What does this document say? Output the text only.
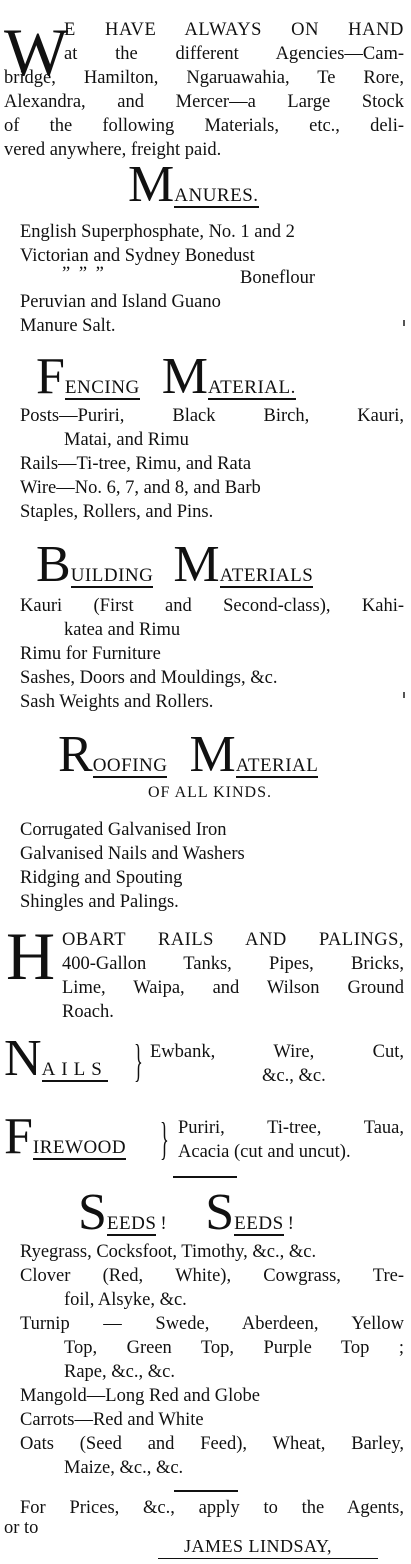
W
E HAVE ALWAYS ON HAND
at the different Agencies—Cam-
bridge, Hamilton, Ngaruawahia, Te Rore,
Alexandra, and Mercer—a Large Stock
of the following Materials, etc., deli-
vered anywhere, freight paid.
MANURES.
English Superphosphate, No. 1 and 2
Victorian and Sydney Bonedust
” ” ”	Boneflour
Peruvian and Island Guano
Manure Salt.
FENCING MATERIAL.
Posts—Puriri, Black Birch, Kauri,
Matai, and Rimu
Rails—Ti-tree, Rimu, and Rata
Wire—No. 6, 7, and 8, and Barb
Staples, Rollers, and Pins.
BUILDING MATERIALS
Kauri (First and Second-class), Kahi-
katea and Rimu
Rimu for Furniture
Sashes, Doors and Mouldings, &c.
Sash Weights and Rollers.
ROOFING MATERIAL
OF ALL KINDS.
Corrugated Galvanised Iron
Galvanised Nails and Washers
Ridging and Spouting
Shingles and Palings.
H OBART RAILS AND PALINGS,
400-Gallon Tanks, Pipes, Bricks,
Lime, Waipa, and Wilson Ground
Roach.
NAILS } Ewbank, Wire, Cut,
&c., &c.
FIREWOOD } Puriri, Ti-tree, Taua,
Acacia (cut and uncut).
SEEDS ! SEEDS !
Ryegrass, Cocksfoot, Timothy, &c., &c.
Clover (Red, White), Cowgrass, Tre-
foil, Alsyke, &c.
Turnip — Swede, Aberdeen, Yellow
Top, Green Top, Purple Top ;
Rape, &c., &c.
Mangold—Long Red and Globe
Carrots—Red and White
Oats (Seed and Feed), Wheat, Barley,
Maize, &c., &c.
For Prices, &c., apply to the Agents,
or to
JAMES LINDSAY,
